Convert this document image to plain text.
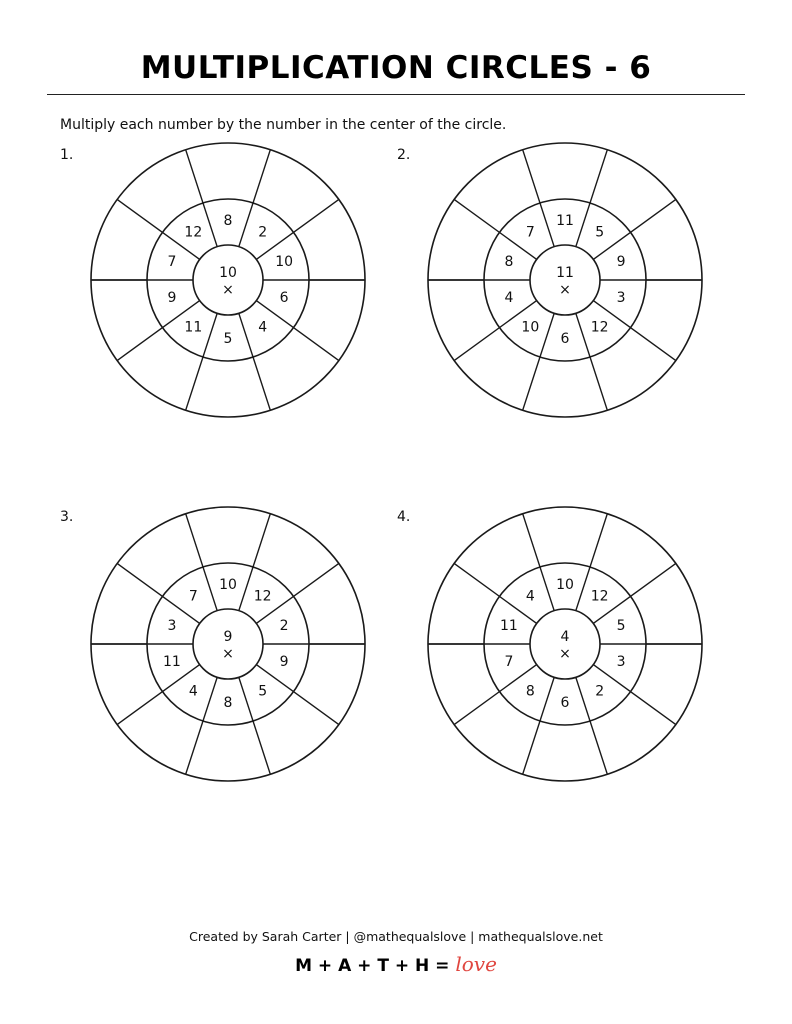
MULTIPLICATION CIRCLES - 6
Multiply each number by the number in the center of the circle.
1.
8
2
10
6
4
5
11
9
7
12
10
×
2.
11
5
9
3
12
6
10
4
8
7
11
×
3.
10
12
2
9
5
8
4
11
3
7
9
×
4.
10
12
5
3
2
6
8
7
11
4
4
×
Created by Sarah Carter | @mathequalslove | mathequalslove.net
M + A + T + H = love
